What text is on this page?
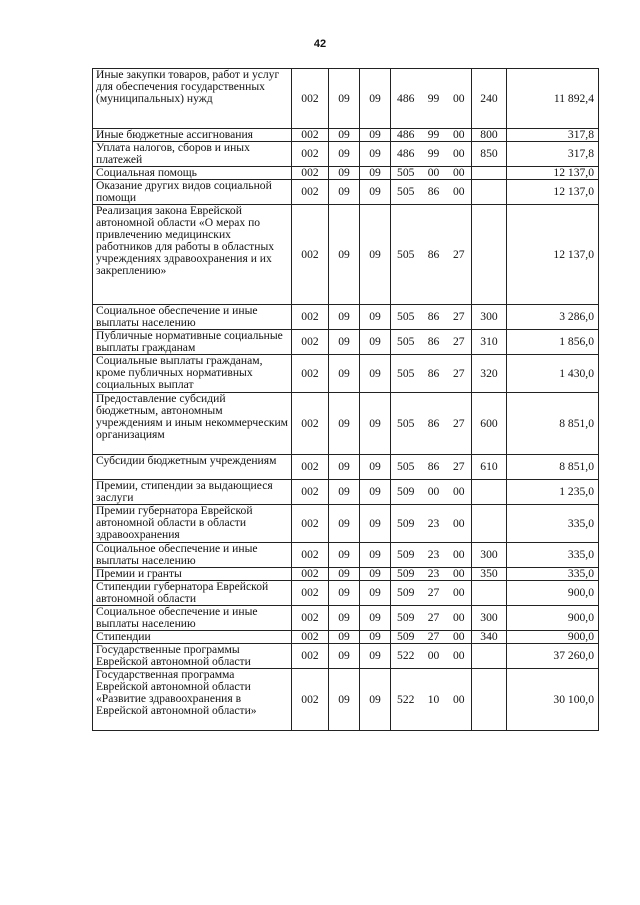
42
Иные закупки товаров, работ и услуг для обеспечения государственных (муниципальных) нужд	002	09	09	486	99	00	240	11 892,4
Иные бюджетные ассигнования	002	09	09	486	99	00	800	317,8
Уплата налогов, сборов и иных платежей	002	09	09	486	99	00	850	317,8
Социальная помощь	002	09	09	505	00	00		12 137,0
Оказание других видов социальной помощи	002	09	09	505	86	00		12 137,0
Реализация закона Еврейской автономной области «О мерах по привлечению медицинских работников для работы в областных учреждениях здравоохранения и их закреплению»	002	09	09	505	86	27		12 137,0
Социальное обеспечение и иные выплаты населению	002	09	09	505	86	27	300	3 286,0
Публичные нормативные социальные выплаты гражданам	002	09	09	505	86	27	310	1 856,0
Социальные выплаты гражданам, кроме публичных нормативных социальных выплат	002	09	09	505	86	27	320	1 430,0
Предоставление субсидий бюджетным, автономным учреждениям и иным некоммерческим организациям	002	09	09	505	86	27	600	8 851,0
Субсидии бюджетным учреждениям	002	09	09	505	86	27	610	8 851,0
Премии, стипендии за выдающиеся заслуги	002	09	09	509	00	00		1 235,0
Премии губернатора Еврейской автономной области в области здравоохранения	002	09	09	509	23	00		335,0
Социальное обеспечение и иные выплаты населению	002	09	09	509	23	00	300	335,0
Премии и гранты	002	09	09	509	23	00	350	335,0
Стипендии губернатора Еврейской автономной области	002	09	09	509	27	00		900,0
Социальное обеспечение и иные выплаты населению	002	09	09	509	27	00	300	900,0
Стипендии	002	09	09	509	27	00	340	900,0
Государственные программы Еврейской автономной области	002	09	09	522	00	00		37 260,0
Государственная программа Еврейской автономной области «Развитие здравоохранения в Еврейской автономной области»	002	09	09	522	10	00		30 100,0
